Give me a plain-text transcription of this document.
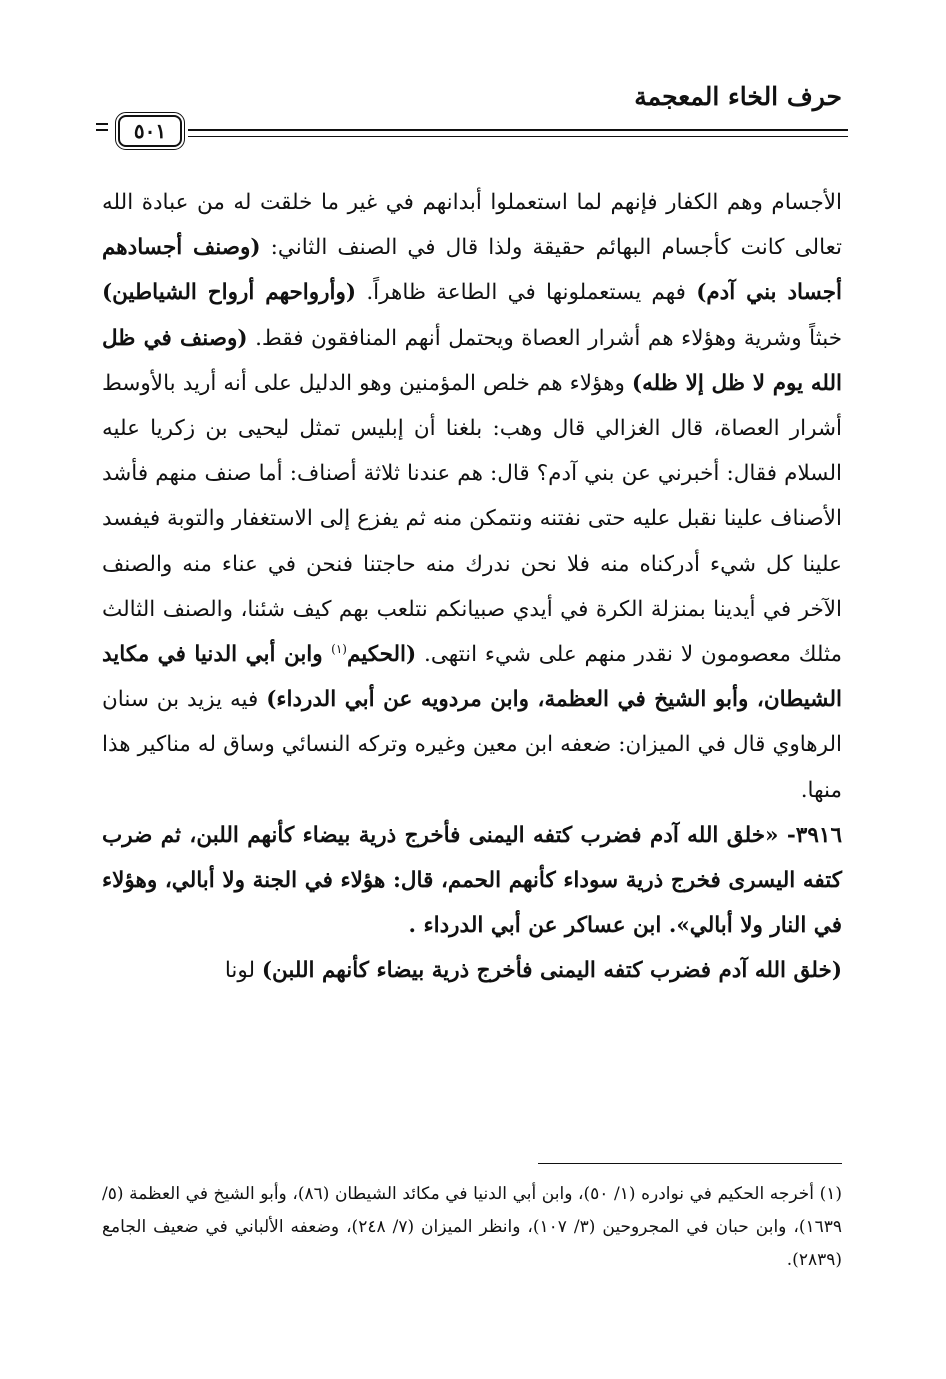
حرف الخاء المعجمة
٥٠١

الأجسام وهم الكفار فإنهم لما استعملوا أبدانهم في غير ما خلقت له من عبادة الله تعالى كانت كأجسام البهائم حقيقة ولذا قال في الصنف الثاني: (وصنف أجسادهم أجساد بني آدم) فهم يستعملونها في الطاعة ظاهراً. (وأرواحهم أرواح الشياطين) خبثاً وشرية وهؤلاء هم أشرار العصاة ويحتمل أنهم المنافقون فقط. (وصنف في ظل الله يوم لا ظل إلا ظله) وهؤلاء هم خلص المؤمنين وهو الدليل على أنه أريد بالأوسط أشرار العصاة، قال الغزالي قال وهب: بلغنا أن إبليس تمثل ليحيى بن زكريا عليه السلام فقال: أخبرني عن بني آدم؟ قال: هم عندنا ثلاثة أصناف: أما صنف منهم فأشد الأصناف علينا نقبل عليه حتى نفتنه ونتمكن منه ثم يفزع إلى الاستغفار والتوبة فيفسد علينا كل شيء أدركناه منه فلا نحن ندرك منه حاجتنا فنحن في عناء منه والصنف الآخر في أيدينا بمنزلة الكرة في أيدي صبيانكم نتلعب بهم كيف شئنا، والصنف الثالث مثلك معصومون لا نقدر منهم على شيء انتهى. (الحكيم$^{(١)}$ وابن أبي الدنيا في مكايد الشيطان، وأبو الشيخ في العظمة، وابن مردويه عن أبي الدرداء) فيه يزيد بن سنان الرهاوي قال في الميزان: ضعفه ابن معين وغيره وتركه النسائي وساق له مناكير هذا منها.

٣٩١٦- «خلق الله آدم فضرب كتفه اليمنى فأخرج ذرية بيضاء كأنهم اللبن، ثم ضرب كتفه اليسرى فخرج ذرية سوداء كأنهم الحمم، قال: هؤلاء في الجنة ولا أبالي، وهؤلاء في النار ولا أبالي». ابن عساكر عن أبي الدرداء .

(خلق الله آدم فضرب كتفه اليمنى فأخرج ذرية بيضاء كأنهم اللبن) لونا

(١) أخرجه الحكيم في نوادره (١/ ٥٠)، وابن أبي الدنيا في مكائد الشيطان (٨٦)، وأبو الشيخ في العظمة (٥/ ١٦٣٩)، وابن حبان في المجروحين (٣/ ١٠٧)، وانظر الميزان (٧/ ٢٤٨)، وضعفه الألباني في ضعيف الجامع (٢٨٣٩).
